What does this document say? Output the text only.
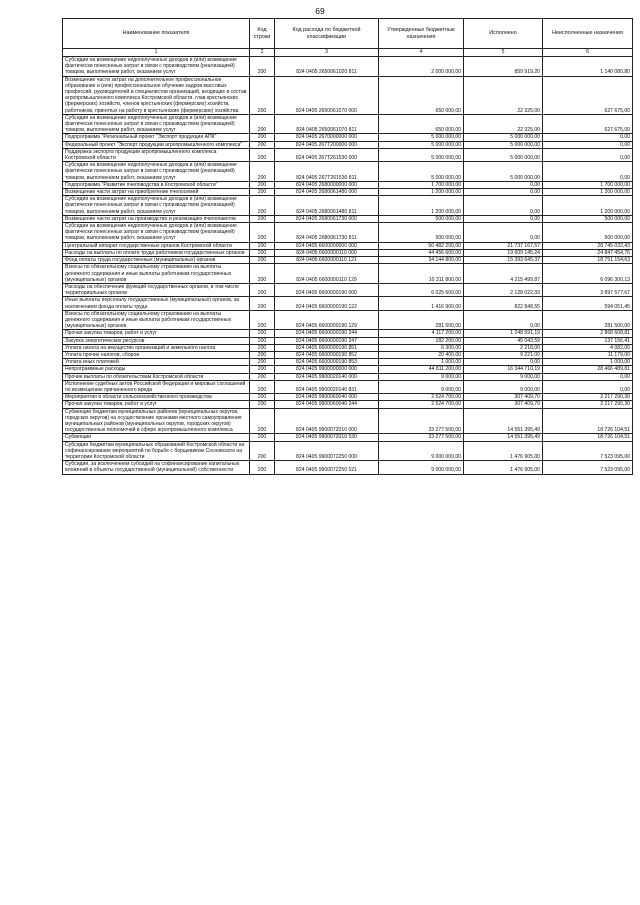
69
Наименование показателя	Код строки	Код расхода по бюджетной классификации	Утвержденные бюджетные назначения	Исполнено	Неисполненные назначения
1	2	3	4	5	6
Субсидии на возмещение недополученных доходов и (или) возмещение фактически понесенных затрат в связи с производством (реализацией) товаров, выполнением работ, оказанием услуг	200	824 0405 2650061020 811	2 000 000,00	859 919,20	1 140 080,80
Возмещение части затрат на дополнительное профессиональное образование и (или) профессиональное обучение кадров массовых профессий, руководителей и специалистов организаций, входящих в состав агропромышленного комплекса Костромской области, глав крестьянских (фермерских) хозяйств, членов крестьянских (фермерских) хозяйств, работников, принятых на работу в крестьянские (фермерские) хозяйства	200	824 0405 2650061070 000	650 000,00	22 325,00	627 675,00
Субсидии на возмещение недополученных доходов и (или) возмещение фактически понесенных затрат в связи с производством (реализацией) товаров, выполнением работ, оказанием услуг	200	824 0405 2650061070 811	650 000,00	22 325,00	627 675,00
Подпрограмма "Региональный проект "Экспорт продукции АПК"	200	824 0405 2670000000 000	5 000 000,00	5 000 000,00	0,00
Федеральный проект "Экспорт продукции агропромышленного комплекса"	200	824 0405 267T200000 000	5 000 000,00	5 000 000,00	0,00
Поддержка экспорта продукции агропромышленного комплекса Костромской области	200	824 0405 267T261530 000	5 000 000,00	5 000 000,00	0,00
Субсидии на возмещение недополученных доходов и (или) возмещение фактически понесенных затрат в связи с производством (реализацией) товаров, выполнением работ, оказанием услуг	200	824 0405 267T261530 811	5 000 000,00	5 000 000,00	0,00
Подпрограмма "Развитие пчеловодства в Костромской области"	200	824 0405 2680000000 000	1 700 000,00	0,00	1 700 000,00
Возмещение части затрат на приобретение пчелосемей	200	824 0405 2680061480 000	1 200 000,00	0,00	1 200 000,00
Субсидии на возмещение недополученных доходов и (или) возмещение фактически понесенных затрат в связи с производством (реализацией) товаров, выполнением работ, оказанием услуг	200	824 0405 2680061480 811	1 200 000,00	0,00	1 200 000,00
Возмещение части затрат на производство и реализацию пчелопакетов	200	824 0405 2680061730 000	500 000,00	0,00	500 000,00
Субсидии на возмещение недополученных доходов и (или) возмещение фактически понесенных затрат в связи с производством (реализацией) товаров, выполнением работ, оказанием услуг	200	824 0405 2680061730 811	500 000,00	0,00	500 000,00
Центральный аппарат государственных органов Костромской области	200	824 0405 6600000000 000	50 482 200,00	21 737 167,57	28 745 032,43
Расходы на выплаты по оплате труда работников государственных органов	200	824 0405 6600000110 000	44 456 600,00	19 609 145,24	24 847 454,76
Фонд оплаты труда государственных (муниципальных) органов	200	824 0405 6600000110 121	34 144 800,00	15 393 645,37	18 751 154,63
Взносы по обязательному социальному страхованию на выплаты денежного содержания и иные выплаты работникам государственных (муниципальных) органов	200	824 0405 6600000110 129	10 311 800,00	4 215 499,87	6 096 300,13
Расходы на обеспечение функций государственных органов, в том числе территориальных органов	200	824 0405 6600000190 000	6 025 600,00	2 128 022,33	3 897 577,67
Иные выплаты персоналу государственных (муниципальных) органов, за исключением фонда оплаты труда	200	824 0405 6600000190 122	1 416 900,00	822 848,55	594 051,45
Взносы по обязательному социальному страхованию на выплаты денежного содержания и иные выплаты работникам государственных (муниципальных) органов	200	824 0405 6600000190 129	281 500,00	0,00	281 500,00
Прочая закупка товаров, работ и услуг	200	824 0405 6600000190 244	4 117 200,00	1 248 591,19	2 868 608,81
Закупка энергетических ресурсов	200	824 0405 6600000190 247	182 200,00	45 043,59	137 156,41
Уплата налога на имущество организаций и земельного налога	200	824 0405 6600000190 851	6 300,00	2 218,00	4 082,00
Уплата прочих налогов, сборов	200	824 0405 6600000190 852	20 400,00	9 221,00	11 179,00
Уплата иных платежей	200	824 0405 6600000190 853	1 000,00	0,00	1 000,00
Непрограммные расходы	200	824 0405 9900000000 000	44 811 200,00	16 344 710,19	28 466 489,81
Прочие выплаты по обязательствам Костромской области	200	824 0405 9900020140 000	9 000,00	9 000,00	0,00
Исполнение судебных актов Российской Федерации и мировых соглашений по возмещению причиненного вреда	200	824 0405 9900020140 831	9 000,00	9 000,00	0,00
Мероприятия в области сельскохозяйственного производства	200	824 0405 9900060040 000	2 524 700,00	307 409,70	2 217 290,30
Прочая закупка товаров, работ и услуг	200	824 0405 9900060040 244	2 524 700,00	307 409,70	2 217 290,30
Субвенции бюджетам муниципальных районов (муниципальных округов, городских округов) на осуществление органами местного самоуправления муниципальных районов (муниципальных округов, городских округов) государственных полномочий в сфере агропромышленного комплекса	200	824 0405 9900072010 000	33 277 500,00	14 551 395,49	18 726 104,51
Субвенции	200	824 0405 9900072010 530	33 277 500,00	14 551 395,49	18 726 104,51
Субсидии бюджетам муниципальных образований Костромской области на софинансирование мероприятий по борьбе с борщевиком Сосновского на территории Костромской области	200	824 0405 9900072250 000	9 000 000,00	1 476 905,00	7 523 095,00
Субсидии, за исключением субсидий на софинансирование капитальных вложений в объекты государственной (муниципальной) собственности	200	824 0405 9900072250 521	9 000 000,00	1 476 905,00	7 523 095,00
